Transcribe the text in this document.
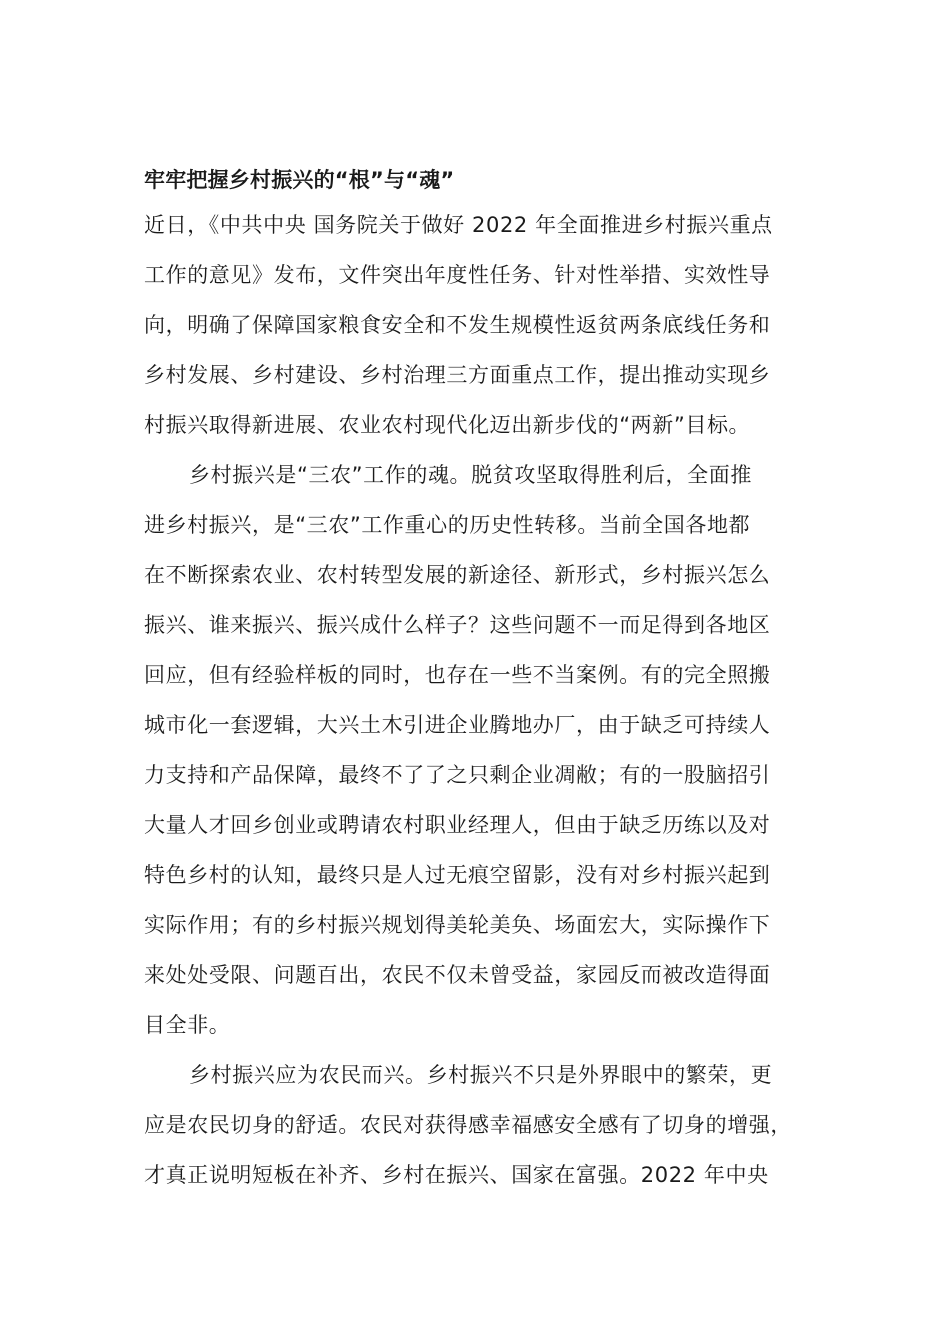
牢牢把握乡村振兴的“根”与“魂”
近日，《中共中央 国务院关于做好 2022 年全面推进乡村振兴重点
工作的意见》发布，文件突出年度性任务、针对性举措、实效性导
向，明确了保障国家粮食安全和不发生规模性返贫两条底线任务和
乡村发展、乡村建设、乡村治理三方面重点工作，提出推动实现乡
村振兴取得新进展、农业农村现代化迈出新步伐的“两新”目标。
乡村振兴是“三农”工作的魂。脱贫攻坚取得胜利后，全面推
进乡村振兴，是“三农”工作重心的历史性转移。当前全国各地都
在不断探索农业、农村转型发展的新途径、新形式，乡村振兴怎么
振兴、谁来振兴、振兴成什么样子？这些问题不一而足得到各地区
回应，但有经验样板的同时，也存在一些不当案例。有的完全照搬
城市化一套逻辑，大兴土木引进企业腾地办厂，由于缺乏可持续人
力支持和产品保障，最终不了了之只剩企业凋敝；有的一股脑招引
大量人才回乡创业或聘请农村职业经理人，但由于缺乏历练以及对
特色乡村的认知，最终只是人过无痕空留影，没有对乡村振兴起到
实际作用；有的乡村振兴规划得美轮美奂、场面宏大，实际操作下
来处处受限、问题百出，农民不仅未曾受益，家园反而被改造得面
目全非。
乡村振兴应为农民而兴。乡村振兴不只是外界眼中的繁荣，更
应是农民切身的舒适。农民对获得感幸福感安全感有了切身的增强，
才真正说明短板在补齐、乡村在振兴、国家在富强。2022 年中央
